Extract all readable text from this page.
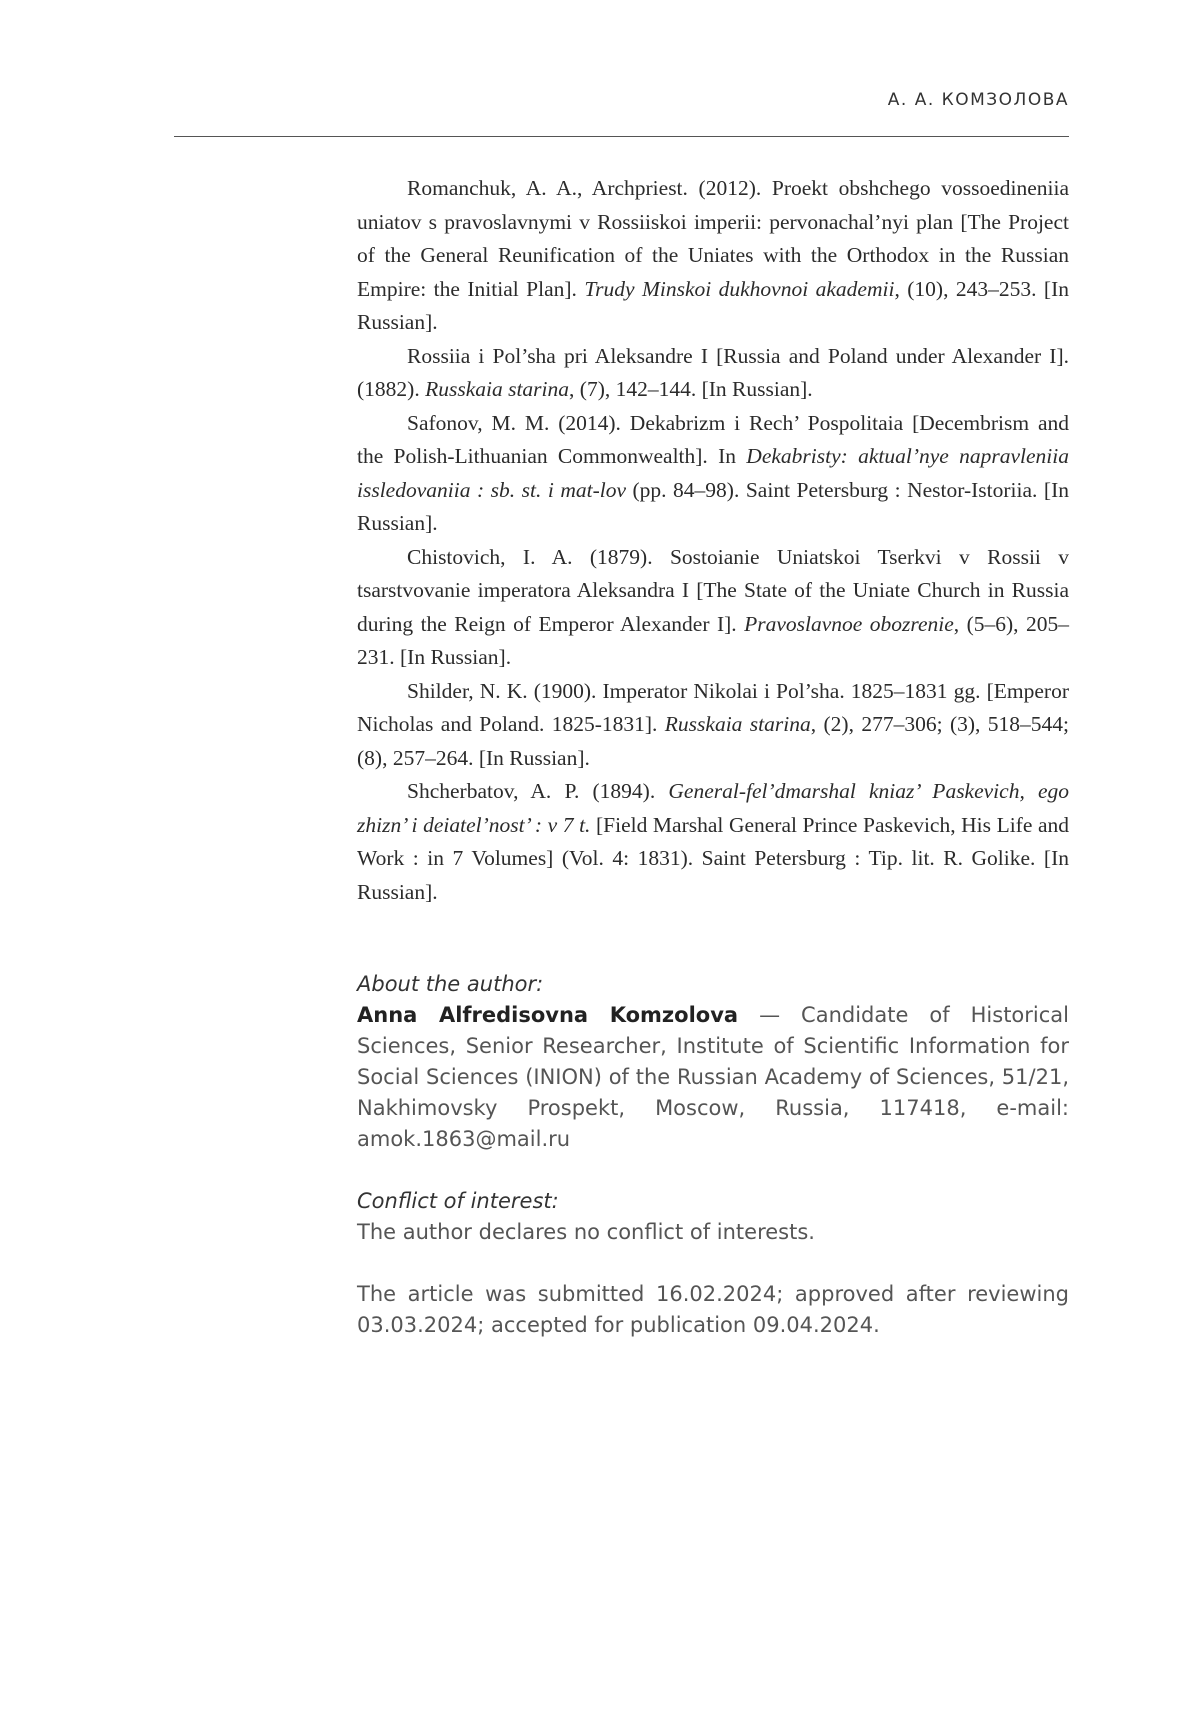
А. А. КОМЗОЛОВА

Romanchuk, A. A., Archpriest. (2012). Proekt obshchego vossoedineniia uniatov s pravoslavnymi v Rossiiskoi imperii: pervonachal’nyi plan [The Project of the General Reunification of the Uniates with the Orthodox in the Russian Empire: the Initial Plan]. Trudy Minskoi dukhovnoi akademii, (10), 243–253. [In Russian].

Rossiia i Pol’sha pri Aleksandre I [Russia and Poland under Alexander I]. (1882). Russkaia starina, (7), 142–144. [In Russian].

Safonov, M. M. (2014). Dekabrizm i Rech’ Pospolitaia [Decembrism and the Polish-Lithuanian Commonwealth]. In Dekabristy: aktual’nye napravleniia issledovaniia : sb. st. i mat-lov (pp. 84–98). Saint Petersburg : Nestor-Istoriia. [In Russian].

Chistovich, I. A. (1879). Sostoianie Uniatskoi Tserkvi v Rossii v tsarstvovanie imperatora Aleksandra I [The State of the Uniate Church in Russia during the Reign of Emperor Alexander I]. Pravoslavnoe obozrenie, (5–6), 205–231. [In Russian].

Shilder, N. K. (1900). Imperator Nikolai i Pol’sha. 1825–1831 gg. [Emperor Nicholas and Poland. 1825-1831]. Russkaia starina, (2), 277–306; (3), 518–544; (8), 257–264. [In Russian].

Shcherbatov, A. P. (1894). General-fel’dmarshal kniaz’ Paskevich, ego zhizn’ i deiatel’nost’ : v 7 t. [Field Marshal General Prince Paskevich, His Life and Work : in 7 Volumes] (Vol. 4: 1831). Saint Petersburg : Tip. lit. R. Golike. [In Russian].

About the author:

Anna Alfredisovna Komzolova — Candidate of Historical Sciences, Senior Researcher, Institute of Scientific Information for Social Sciences (INION) of the Russian Academy of Sciences, 51/21, Nakhimovsky Prospekt, Moscow, Russia, 117418, e-mail: amok.1863@mail.ru

Conflict of interest:

The author declares no conflict of interests.

The article was submitted 16.02.2024; approved after reviewing 03.03.2024; accepted for publication 09.04.2024.
